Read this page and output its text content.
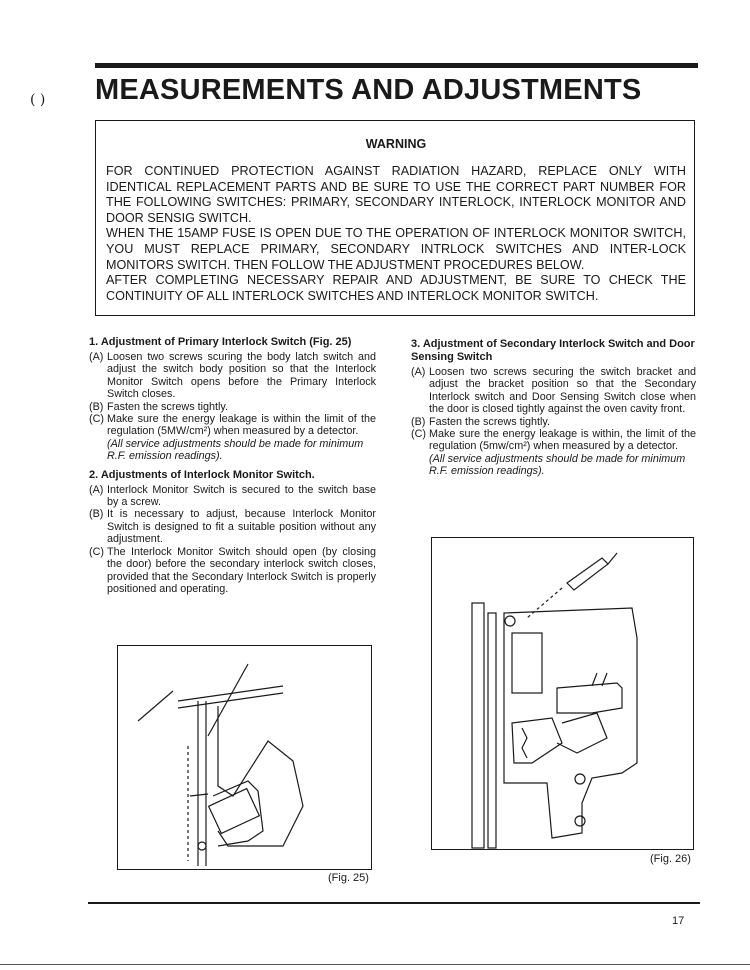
( ) MEASUREMENTS AND ADJUSTMENTS
WARNING

FOR CONTINUED PROTECTION AGAINST RADIATION HAZARD, REPLACE ONLY WITH IDENTICAL REPLACEMENT PARTS AND BE SURE TO USE THE CORRECT PART NUMBER FOR THE FOLLOWING SWITCHES: PRIMARY, SECONDARY INTERLOCK, INTERLOCK MONITOR AND DOOR SENSIG SWITCH.

WHEN THE 15AMP FUSE IS OPEN DUE TO THE OPERATION OF INTERLOCK MONITOR SWITCH, YOU MUST REPLACE PRIMARY, SECONDARY INTRLOCK SWITCHES AND INTER-LOCK MONITORS SWITCH. THEN FOLLOW THE ADJUSTMENT PROCEDURES BELOW.

AFTER COMPLETING NECESSARY REPAIR AND ADJUSTMENT, BE SURE TO CHECK THE CONTINUITY OF ALL INTERLOCK SWITCHES AND INTERLOCK MONITOR SWITCH.

1. Adjustment of Primary Interlock Switch (Fig. 25)
(A) Loosen two screws scuring the body latch switch and adjust the switch body position so that the Interlock Monitor Switch opens before the Primary Interlock Switch closes.
(B) Fasten the screws tightly.
(C) Make sure the energy leakage is within the limit of the regulation (5MW/cm²) when measured by a detector.
(All service adjustments should be made for minimum R.F. emission readings).
2. Adjustments of Interlock Monitor Switch.
(A) Interlock Monitor Switch is secured to the switch base by a screw.
(B) It is necessary to adjust, because Interlock Monitor Switch is designed to fit a suitable position without any adjustment.
(C) The Interlock Monitor Switch should open (by closing the door) before the secondary interlock switch closes, provided that the Secondary Interlock Switch is properly positioned and operating.
3. Adjustment of Secondary Interlock Switch and Door Sensing Switch
(A) Loosen two screws securing the switch bracket and adjust the bracket position so that the Secondary Interlock switch and Door Sensing Switch close when the door is closed tightly against the oven cavity front.
(B) Fasten the screws tightly.
(C) Make sure the energy leakage is within, the limit of the regulation (5mw/cm²) when measured by a detector.
(All service adjustments should be made for minimum R.F. emission readings).
(Fig. 25)
(Fig. 26)
17
